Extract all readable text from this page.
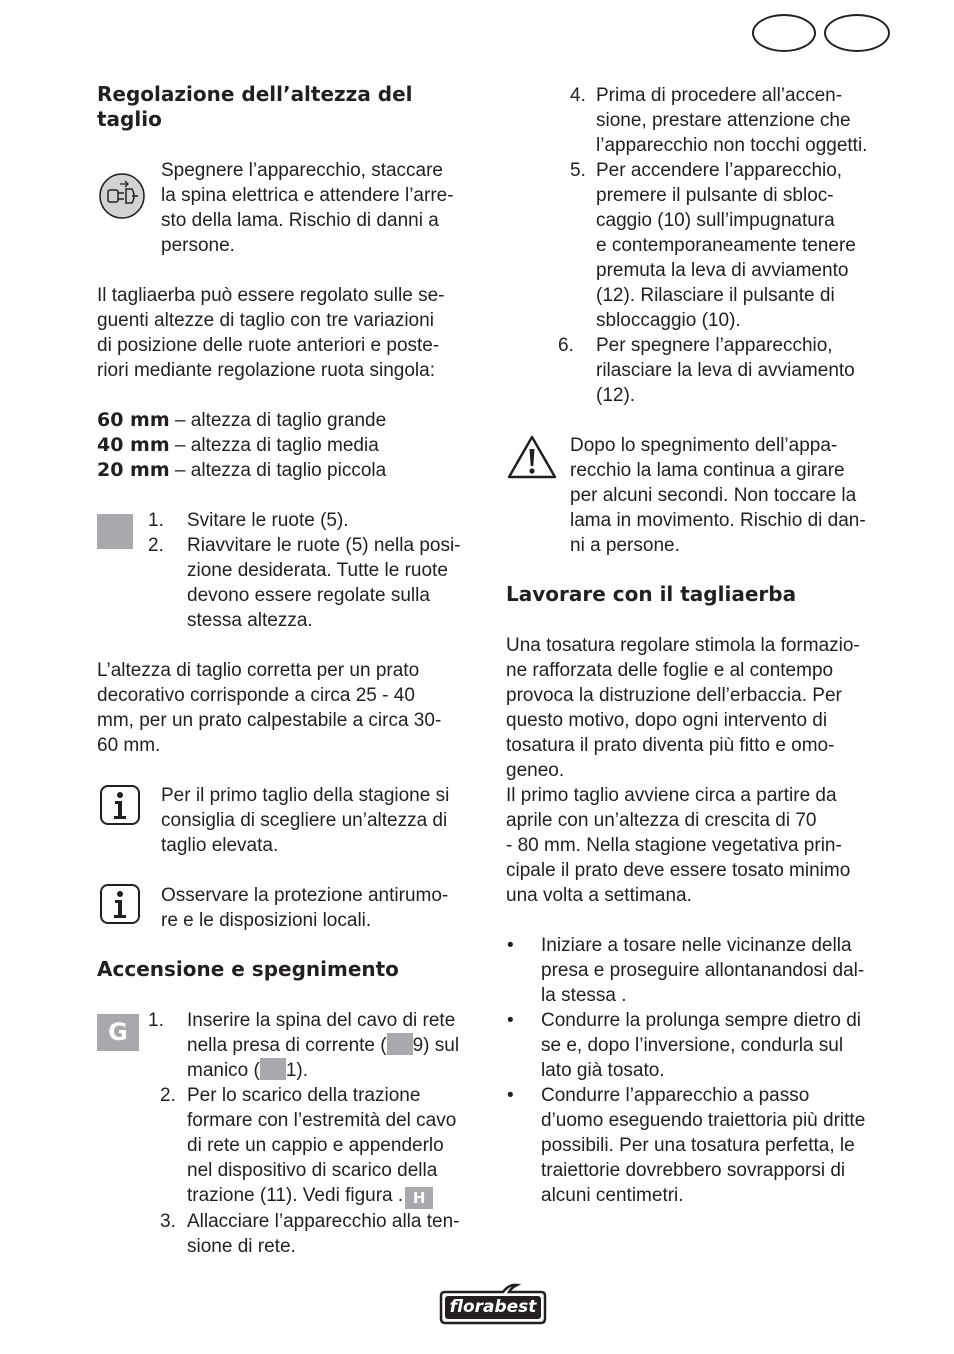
Regolazione dell’altezza del
taglio
Spegnere l’apparecchio, staccare
la spina elettrica e attendere l’arre-
sto della lama. Rischio di danni a
persone.
Il tagliaerba può essere regolato sulle se-
guenti altezze di taglio con tre variazioni
di posizione delle ruote anteriori e poste-
riori mediante regolazione ruota singola:
60 mm – altezza di taglio grande
40 mm – altezza di taglio media
20 mm – altezza di taglio piccola
1. Svitare le ruote (5).
2. Riavvitare le ruote (5) nella posi-
zione desiderata. Tutte le ruote
devono essere regolate sulla
stessa altezza.
L’altezza di taglio corretta per un prato
decorativo corrisponde a circa 25 - 40
mm, per un prato calpestabile a circa 30-
60 mm.
Per il primo taglio della stagione si
consiglia di scegliere un’altezza di
taglio elevata.
Osservare la protezione antirumo-
re e le disposizioni locali.
Accensione e spegnimento
G	1. Inserire la spina del cavo di rete
nella presa di corrente ( 9) sul
manico ( 1).
2. Per lo scarico della trazione
formare con l’estremità del cavo
di rete un cappio e appenderlo
nel dispositivo di scarico della
trazione (11). Vedi figura . H
3. Allacciare l’apparecchio alla ten-
sione di rete.
4. Prima di procedere all’accen-
sione, prestare attenzione che
l’apparecchio non tocchi oggetti.
5. Per accendere l’apparecchio,
premere il pulsante di sbloc-
caggio (10) sull’impugnatura
e contemporaneamente tenere
premuta la leva di avviamento
(12). Rilasciare il pulsante di
sbloccaggio (10).
6. Per spegnere l’apparecchio,
rilasciare la leva di avviamento
(12).
Dopo lo spegnimento dell’appa-
recchio la lama continua a girare
per alcuni secondi. Non toccare la
lama in movimento. Rischio di dan-
ni a persone.
Lavorare con il tagliaerba
Una tosatura regolare stimola la formazio-
ne rafforzata delle foglie e al contempo
provoca la distruzione dell’erbaccia. Per
questo motivo, dopo ogni intervento di
tosatura il prato diventa più fitto e omo-
geneo.
Il primo taglio avviene circa a partire da
aprile con un’altezza di crescita di 70
- 80 mm. Nella stagione vegetativa prin-
cipale il prato deve essere tosato minimo
una volta a settimana.
• Iniziare a tosare nelle vicinanze della
presa e proseguire allontanandosi dal-
la stessa .
• Condurre la prolunga sempre dietro di
se e, dopo l’inversione, condurla sul
lato già tosato.
• Condurre l’apparecchio a passo
d’uomo eseguendo traiettoria più dritte
possibili. Per una tosatura perfetta, le
traiettorie dovrebbero sovrapporsi di
alcuni centimetri.
florabest
